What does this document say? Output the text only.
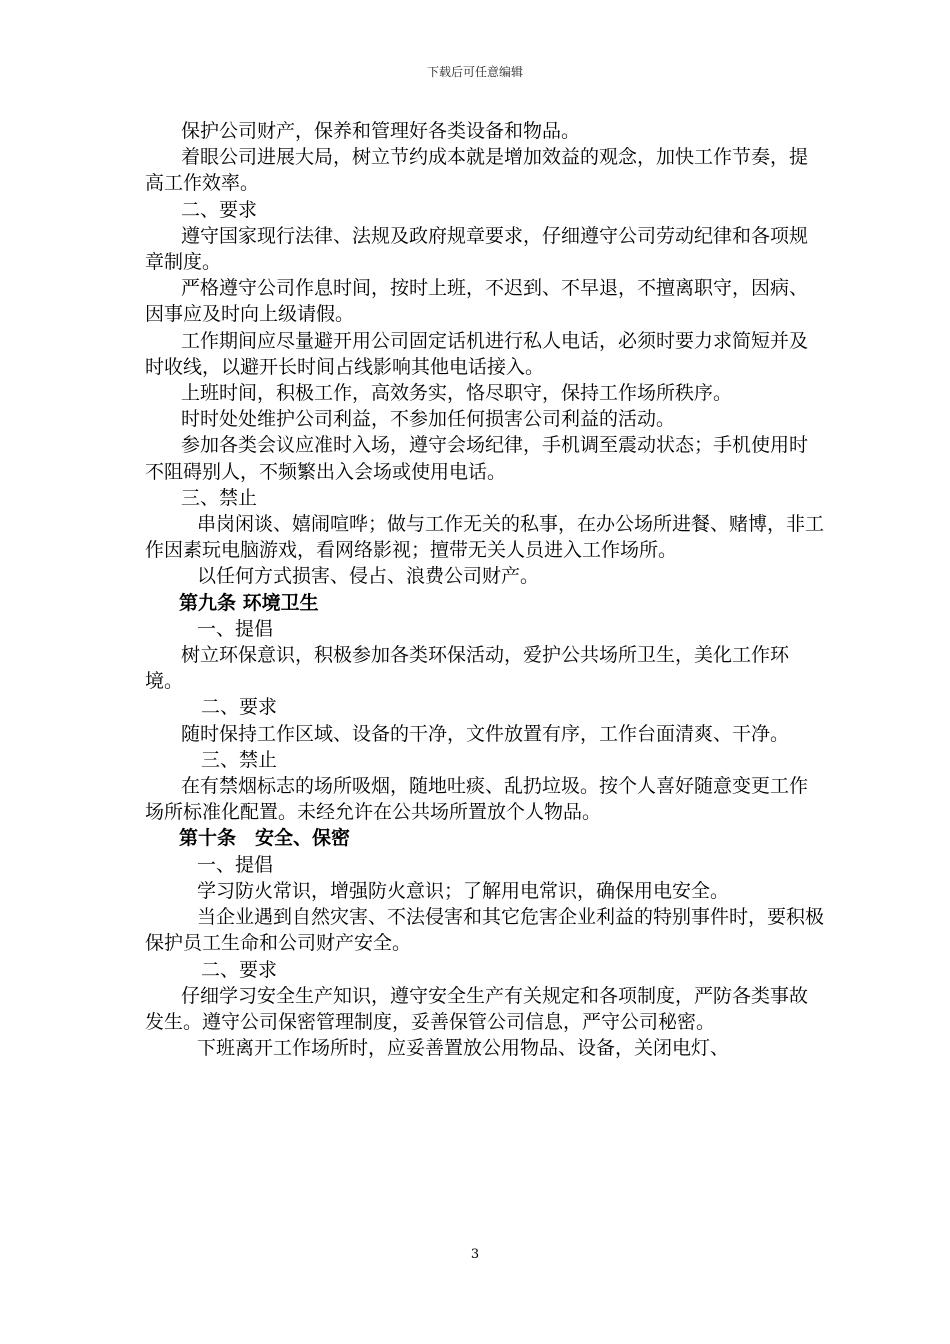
下载后可任意编辑

保护公司财产，保养和管理好各类设备和物品。

着眼公司进展大局，树立节约成本就是增加效益的观念，加快工作节奏，提高工作效率。

二、要求

遵守国家现行法律、法规及政府规章要求，仔细遵守公司劳动纪律和各项规章制度。

严格遵守公司作息时间，按时上班，不迟到、不早退，不擅离职守，因病、因事应及时向上级请假。

工作期间应尽量避开用公司固定话机进行私人电话，必须时要力求简短并及时收线，以避开长时间占线影响其他电话接入。

上班时间，积极工作，高效务实，恪尽职守，保持工作场所秩序。

时时处处维护公司利益，不参加任何损害公司利益的活动。

参加各类会议应准时入场，遵守会场纪律，手机调至震动状态；手机使用时不阻碍别人，不频繁出入会场或使用电话。

三、禁止

串岗闲谈、嬉闹喧哗；做与工作无关的私事，在办公场所进餐、赌博，非工作因素玩电脑游戏，看网络影视；擅带无关人员进入工作场所。

以任何方式损害、侵占、浪费公司财产。

第九条 环境卫生

一、提倡

树立环保意识，积极参加各类环保活动，爱护公共场所卫生，美化工作环境。

二、要求

随时保持工作区域、设备的干净，文件放置有序，工作台面清爽、干净。

三、禁止

在有禁烟标志的场所吸烟，随地吐痰、乱扔垃圾。按个人喜好随意变更工作场所标准化配置。未经允许在公共场所置放个人物品。

第十条　安全、保密

一、提倡

学习防火常识，增强防火意识；了解用电常识，确保用电安全。

当企业遇到自然灾害、不法侵害和其它危害企业利益的特别事件时，要积极保护员工生命和公司财产安全。

二、要求

仔细学习安全生产知识，遵守安全生产有关规定和各项制度，严防各类事故发生。遵守公司保密管理制度，妥善保管公司信息，严守公司秘密。

下班离开工作场所时，应妥善置放公用物品、设备，关闭电灯、

3
